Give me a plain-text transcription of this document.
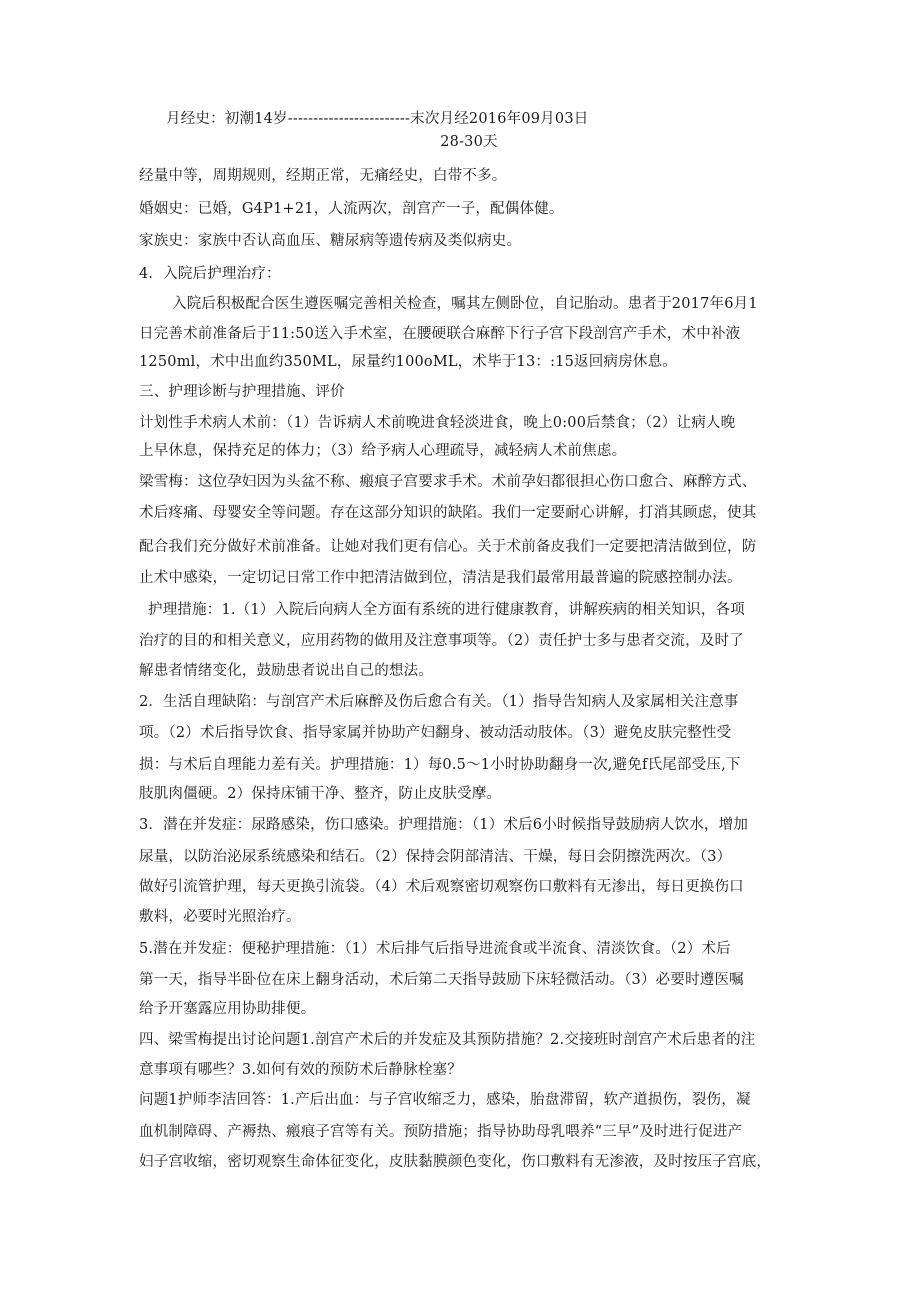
月经史：初潮14岁------------------------末次月经2016年09月03日
28-30天
经量中等，周期规则，经期正常，无痛经史，白带不多。
婚姻史：已婚，G4P1+21，人流两次，剖宫产一子，配偶体健。
家族史：家族中否认高血压、糖尿病等遗传病及类似病史。
4．入院后护理治疗：
入院后积极配合医生遵医嘱完善相关检查，嘱其左侧卧位，自记胎动。患者于2017年6月1
日完善术前准备后于11:50送入手术室，在腰硬联合麻醉下行子宫下段剖宫产手术，术中补液
1250ml，术中出血约350ML，尿量约100oML，术毕于13：:15返回病房休息。
三、护理诊断与护理措施、评价
计划性手术病人术前：（1）告诉病人术前晚进食轻淡进食，晚上0:00后禁食；（2）让病人晚
上早休息，保持充足的体力；（3）给予病人心理疏导，减轻病人术前焦虑。
梁雪梅：这位孕妇因为头盆不称、瘢痕子宫要求手术。术前孕妇都很担心伤口愈合、麻醉方式、
术后疼痛、母婴安全等问题。存在这部分知识的缺陷。我们一定要耐心讲解，打消其顾虑，使其
配合我们充分做好术前准备。让她对我们更有信心。关于术前备皮我们一定要把清洁做到位，防
止术中感染，一定切记日常工作中把清洁做到位，清洁是我们最常用最普遍的院感控制办法。
护理措施：1.（1）入院后向病人全方面有系统的进行健康教育，讲解疾病的相关知识，各项
治疗的目的和相关意义，应用药物的做用及注意事项等。（2）责任护士多与患者交流，及时了
解患者情绪变化，鼓励患者说出自己的想法。
2．生活自理缺陷：与剖宫产术后麻醉及伤后愈合有关。（1）指导告知病人及家属相关注意事
项。（2）术后指导饮食、指导家属并协助产妇翻身、被动活动肢体。（3）避免皮肤完整性受
损：与术后自理能力差有关。护理措施：1）每0.5〜1小时协助翻身一次,避免f氏尾部受压,下
肢肌肉僵硬。2）保持床铺干净、整齐，防止皮肤受摩。
3．潜在并发症：尿路感染，伤口感染。护理措施：（1）术后6小时候指导鼓励病人饮水，增加
尿量，以防治泌尿系统感染和结石。（2）保持会阴部清洁、干燥，每日会阴擦洗两次。（3）
做好引流管护理，每天更换引流袋。（4）术后观察密切观察伤口敷料有无渗出，每日更换伤口
敷料，必要时光照治疗。
5.潜在并发症：便秘护理措施：（1）术后排气后指导进流食或半流食、清淡饮食。（2）术后
第一天，指导半卧位在床上翻身活动，术后第二天指导鼓励下床轻微活动。（3）必要时遵医嘱
给予开塞露应用协助排便。
四、梁雪梅提出讨论问题1.剖宫产术后的并发症及其预防措施？2.交接班时剖宫产术后患者的注
意事项有哪些？3.如何有效的预防术后静脉栓塞？
问题1护师李洁回答：1.产后出血：与子宫收缩乏力，感染，胎盘滞留，软产道损伤，裂伤，凝
血机制障碍、产褥热、瘢痕子宫等有关。预防措施；指导协助母乳喂养“三早”及时进行促进产
妇子宫收缩，密切观察生命体征变化，皮肤黏膜颜色变化，伤口敷料有无渗液，及时按压子宫底，
